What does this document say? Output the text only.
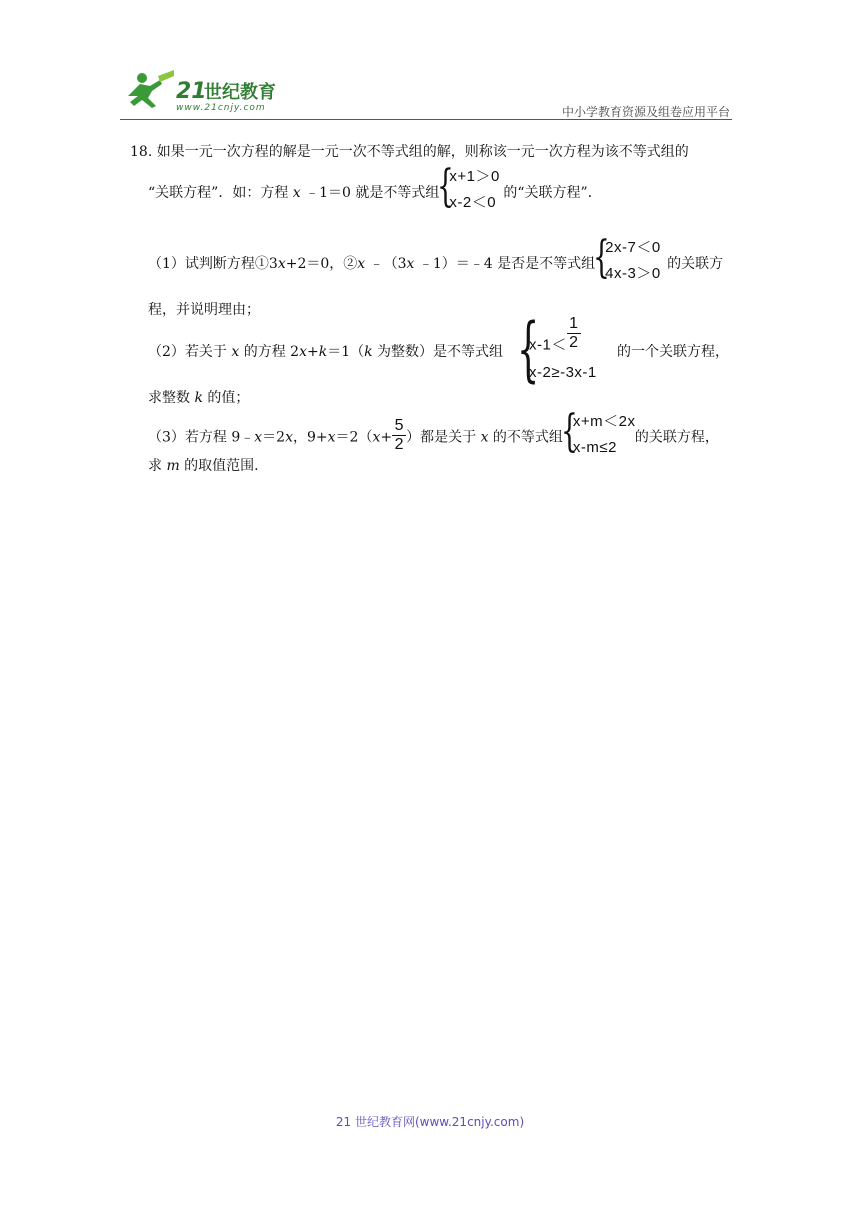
21
世纪教育
www.21cnjy.com	中小学教育资源及组卷应用平台
18. 如果一元一次方程的解是一元一次不等式组的解，则称该一元一次方程为该不等式组的
“关联方程”．如：方程 x ﹣1＝0 就是不等式组
{
x+1＞0
x-2＜0
的“关联方程”．
（1）试判断方程①3x+2＝0，②x ﹣（3x ﹣1）＝﹣4 是否是不等式组
{
2x-7＜0
4x-3＞0
的关联方
程，并说明理由；
（2）若关于 x 的方程 2x+k＝1（k 为整数）是不等式组 {
$x-1< \frac{1}{2}$
x-2≥-3x-1
的一个关联方程，
求整数 k 的值；
（3）若方程 9﹣x＝2x，$9+x=2(x+ \frac{5}{2}$ ）都是关于 x 的不等式组
{
x+m＜2x
x-m≤2
的关联方程，
求 m 的取值范围.
21 世纪教育网(www.21cnjy.com)
